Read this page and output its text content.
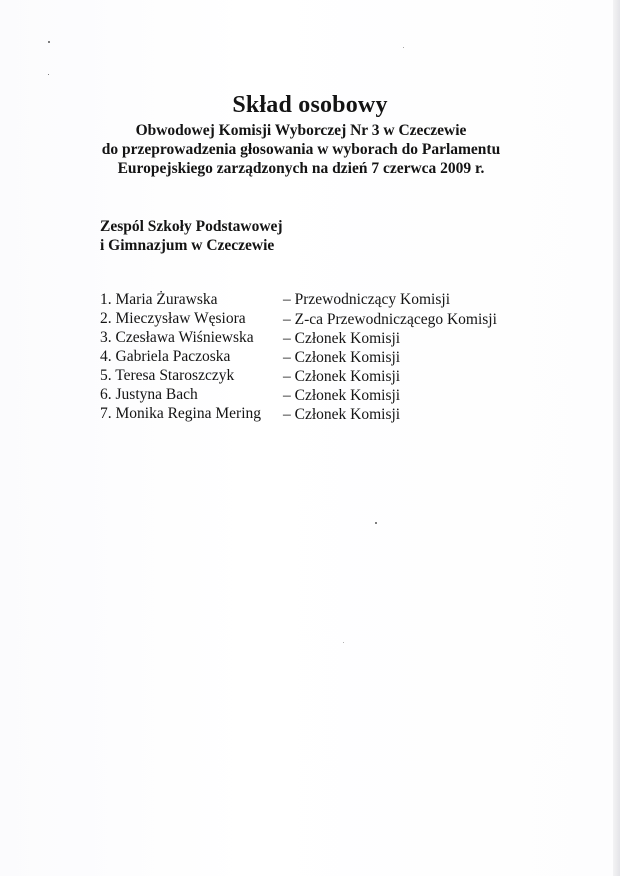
Skład osobowy
Obwodowej Komisji Wyborczej Nr 3 w Czeczewie
do przeprowadzenia głosowania w wyborach do Parlamentu
Europejskiego zarządzonych na dzień 7 czerwca 2009 r.
Zespól Szkoły Podstawowej
i Gimnazjum w Czeczewie
1. Maria Żurawska	– Przewodniczący Komisji
2. Mieczysław Węsiora – Z-ca Przewodniczącego Komisji
3. Czesława Wiśniewska – Członek Komisji
4. Gabriela Paczoska	– Członek Komisji
5. Teresa Staroszczyk	– Członek Komisji
6. Justyna Bach	– Członek Komisji
7. Monika Regina Mering – Członek Komisji
